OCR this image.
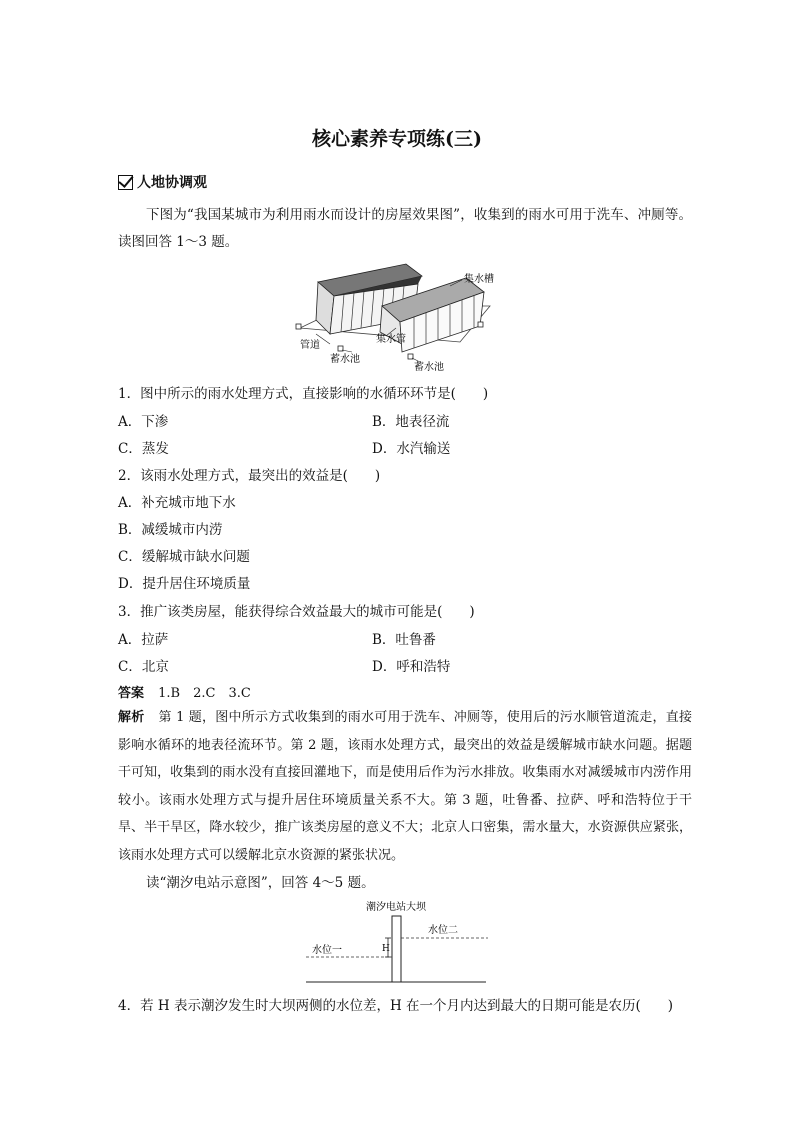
核心素养专项练(三)
人地协调观
下图为“我国某城市为利用雨水而设计的房屋效果图”，收集到的雨水可用于洗车、冲厕等。读图回答 1～3 题。
集水槽
集水管
管道
蓄水池
蓄水池
1．图中所示的雨水处理方式，直接影响的水循环环节是(　　)
A．下渗	B．地表径流
C．蒸发	D．水汽输送
2．该雨水处理方式，最突出的效益是(　　)
A．补充城市地下水
B．减缓城市内涝
C．缓解城市缺水问题
D．提升居住环境质量
3．推广该类房屋，能获得综合效益最大的城市可能是(　　)
A．拉萨	B．吐鲁番
C．北京	D．呼和浩特
答案 1.B　2.C　3.C
解析 第 1 题，图中所示方式收集到的雨水可用于洗车、冲厕等，使用后的污水顺管道流走，直接影响水循环的地表径流环节。第 2 题，该雨水处理方式，最突出的效益是缓解城市缺水问题。据题干可知，收集到的雨水没有直接回灌地下，而是使用后作为污水排放。收集雨水对减缓城市内涝作用较小。该雨水处理方式与提升居住环境质量关系不大。第 3 题，吐鲁番、拉萨、呼和浩特位于干旱、半干旱区，降水较少，推广该类房屋的意义不大；北京人口密集，需水量大，水资源供应紧张，该雨水处理方式可以缓解北京水资源的紧张状况。
读“潮汐电站示意图”，回答 4～5 题。
潮汐电站大坝
水位一
水位二
H
4．若 H 表示潮汐发生时大坝两侧的水位差，H 在一个月内达到最大的日期可能是农历(　　)
